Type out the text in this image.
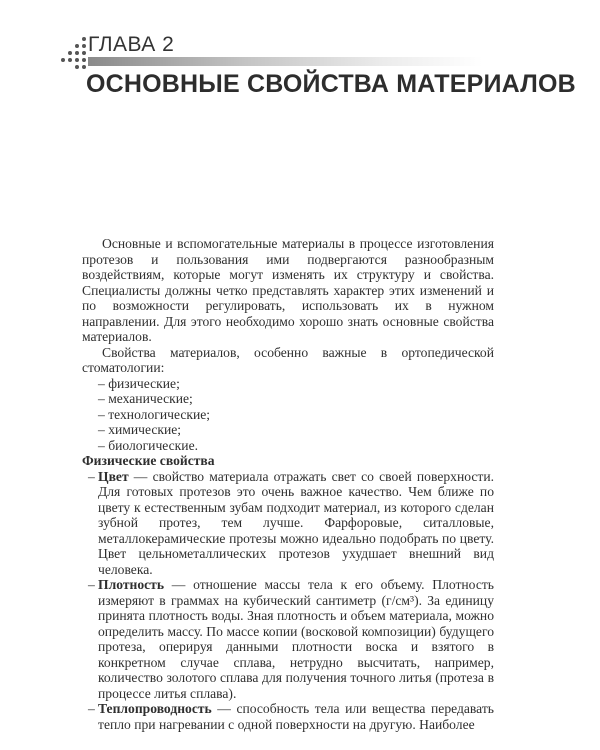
ГЛАВА 2
ОСНОВНЫЕ СВОЙСТВА МАТЕРИАЛОВ

Основные и вспомогательные материалы в процессе изготовления протезов и пользования ими подвергаются разнообразным воздействиям, которые могут изменять их структуру и свойства. Специалисты должны четко представлять характер этих изменений и по возможности регулировать, использовать их в нужном направлении. Для этого необходимо хорошо знать основные свойства материалов.

Свойства материалов, особенно важные в ортопедической стоматологии:

– физические;
– механические;
– технологические;
– химические;
– биологические.
Физические свойства
– Цвет — свойство материала отражать свет со своей поверхности. Для готовых протезов это очень важное качество. Чем ближе по цвету к естественным зубам подходит материал, из которого сделан зубной протез, тем лучше. Фарфоровые, ситалловые, металлокерамические протезы можно идеально подобрать по цвету. Цвет цельнометаллических протезов ухудшает внешний вид человека.
– Плотность — отношение массы тела к его объему. Плотность измеряют в граммах на кубический сантиметр (г/см³). За единицу принята плотность воды. Зная плотность и объем материала, можно определить массу. По массе копии (восковой композиции) будущего протеза, оперируя данными плотности воска и взятого в конкретном случае сплава, нетрудно высчитать, например, количество золотого сплава для получения точного литья (протеза в процессе литья сплава).
– Теплопроводность — способность тела или вещества передавать тепло при нагревании с одной поверхности на другую. Наиболее
